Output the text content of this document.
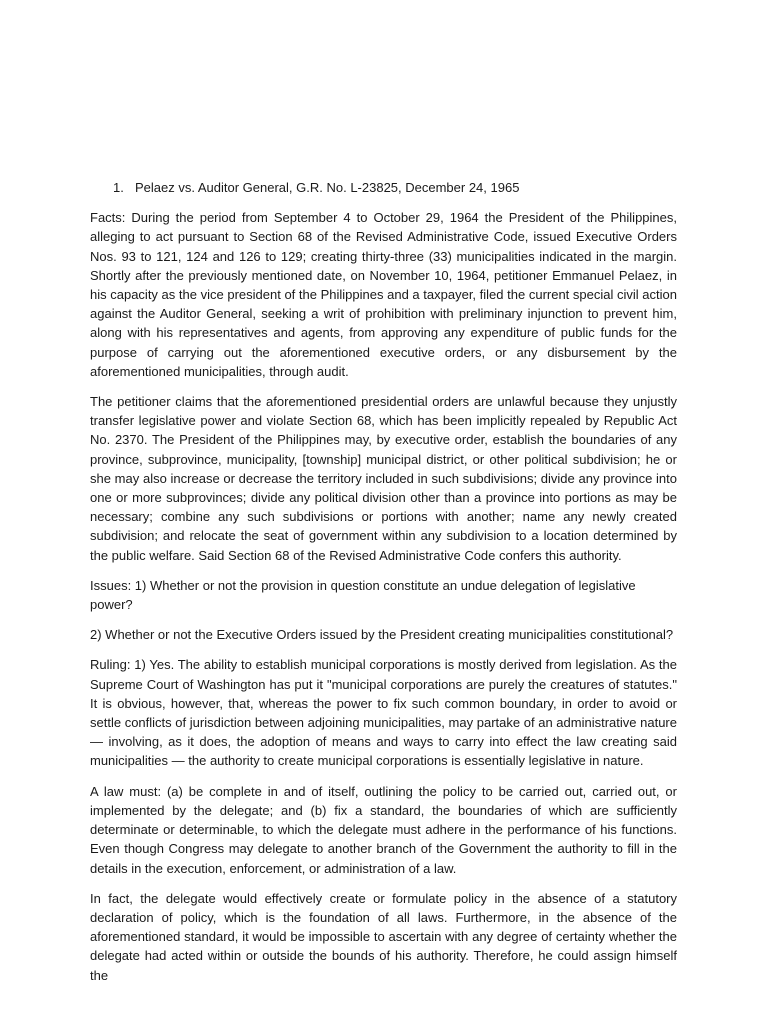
1. Pelaez vs. Auditor General, G.R. No. L-23825, December 24, 1965

Facts: During the period from September 4 to October 29, 1964 the President of the Philippines, alleging to act pursuant to Section 68 of the Revised Administrative Code, issued Executive Orders Nos. 93 to 121, 124 and 126 to 129; creating thirty-three (33) municipalities indicated in the margin. Shortly after the previously mentioned date, on November 10, 1964, petitioner Emmanuel Pelaez, in his capacity as the vice president of the Philippines and a taxpayer, filed the current special civil action against the Auditor General, seeking a writ of prohibition with preliminary injunction to prevent him, along with his representatives and agents, from approving any expenditure of public funds for the purpose of carrying out the aforementioned executive orders, or any disbursement by the aforementioned municipalities, through audit.

The petitioner claims that the aforementioned presidential orders are unlawful because they unjustly transfer legislative power and violate Section 68, which has been implicitly repealed by Republic Act No. 2370. The President of the Philippines may, by executive order, establish the boundaries of any province, subprovince, municipality, [township] municipal district, or other political subdivision; he or she may also increase or decrease the territory included in such subdivisions; divide any province into one or more subprovinces; divide any political division other than a province into portions as may be necessary; combine any such subdivisions or portions with another; name any newly created subdivision; and relocate the seat of government within any subdivision to a location determined by the public welfare. Said Section 68 of the Revised Administrative Code confers this authority.

Issues: 1) Whether or not the provision in question constitute an undue delegation of legislative power?

2) Whether or not the Executive Orders issued by the President creating municipalities constitutional?

Ruling: 1) Yes. The ability to establish municipal corporations is mostly derived from legislation. As the Supreme Court of Washington has put it "municipal corporations are purely the creatures of statutes." It is obvious, however, that, whereas the power to fix such common boundary, in order to avoid or settle conflicts of jurisdiction between adjoining municipalities, may partake of an administrative nature — involving, as it does, the adoption of means and ways to carry into effect the law creating said municipalities — the authority to create municipal corporations is essentially legislative in nature.

A law must: (a) be complete in and of itself, outlining the policy to be carried out, carried out, or implemented by the delegate; and (b) fix a standard, the boundaries of which are sufficiently determinate or determinable, to which the delegate must adhere in the performance of his functions. Even though Congress may delegate to another branch of the Government the authority to fill in the details in the execution, enforcement, or administration of a law.

In fact, the delegate would effectively create or formulate policy in the absence of a statutory declaration of policy, which is the foundation of all laws. Furthermore, in the absence of the aforementioned standard, it would be impossible to ascertain with any degree of certainty whether the delegate had acted within or outside the bounds of his authority. Therefore, he could assign himself the
